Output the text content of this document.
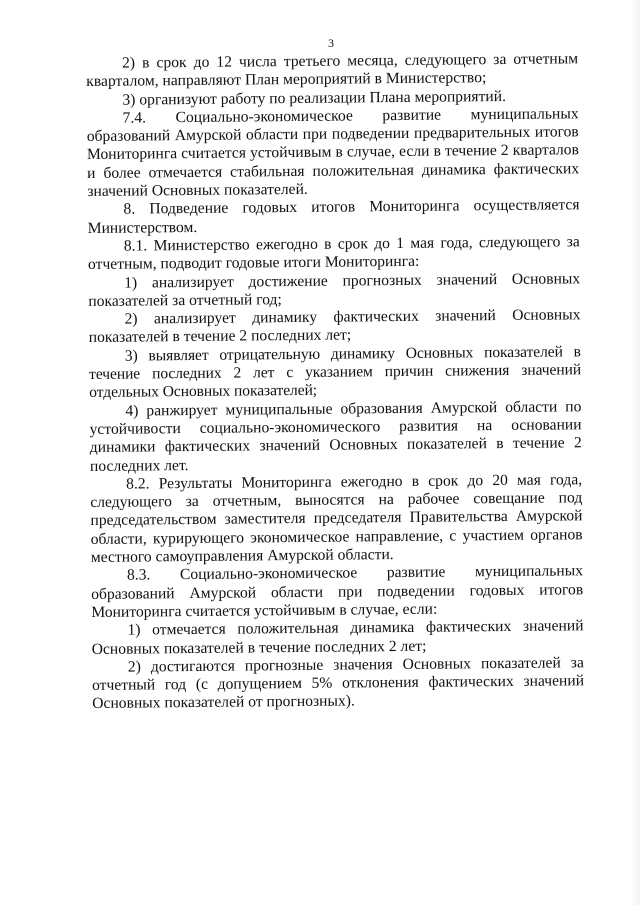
3

2) в срок до 12 числа третьего месяца, следующего за отчетным кварталом, направляют План мероприятий в Министерство;

3) организуют работу по реализации Плана мероприятий.

7.4. Социально-экономическое развитие муниципальных образований Амурской области при подведении предварительных итогов Мониторинга считается устойчивым в случае, если в течение 2 кварталов и более отмечается стабильная положительная динамика фактических значений Основных показателей.

8. Подведение годовых итогов Мониторинга осуществляется Министерством.

8.1. Министерство ежегодно в срок до 1 мая года, следующего за отчетным, подводит годовые итоги Мониторинга:

1) анализирует достижение прогнозных значений Основных показателей за отчетный год;

2) анализирует динамику фактических значений Основных показателей в течение 2 последних лет;

3) выявляет отрицательную динамику Основных показателей в течение последних 2 лет с указанием причин снижения значений отдельных Основных показателей;

4) ранжирует муниципальные образования Амурской области по устойчивости социально-экономического развития на основании динамики фактических значений Основных показателей в течение 2 последних лет.

8.2. Результаты Мониторинга ежегодно в срок до 20 мая года, следующего за отчетным, выносятся на рабочее совещание под председательством заместителя председателя Правительства Амурской области, курирующего экономическое направление, с участием органов местного самоуправления Амурской области.

8.3. Социально-экономическое развитие муниципальных образований Амурской области при подведении годовых итогов Мониторинга считается устойчивым в случае, если:

1) отмечается положительная динамика фактических значений Основных показателей в течение последних 2 лет;

2) достигаются прогнозные значения Основных показателей за отчетный год (с допущением 5% отклонения фактических значений Основных показателей от прогнозных).
